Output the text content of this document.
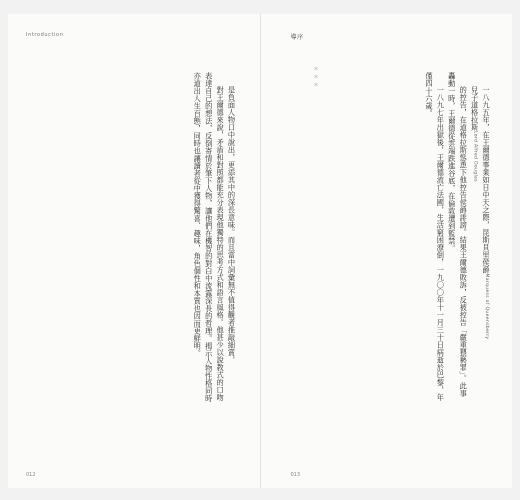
Introduction

是負面人物口中說出，更添其中的深長意味。而且當中詞彙無不值得觀者推敲細賞，

對王爾德來說，矛盾和對照都能充分表現他獨特的思考方式和語言風格。他甚少以說教式的口吻表達自己的想法，反倒寄情於筆下人物，讓他們在機智的對白中流露深長的哲理。揭示人物性格同時亦道出人生百態，同時也讓讀者從中獲得驚喜、趣味，角色個性和本質也因而更鮮明。

012
導序
＊＊＊

一八九五年，在王爾德事業如日中天之際，昆斯貝里侯爵Marquess of Queensberry

兒子道格拉斯Lord Alfred Douglas

的控告，在道格拉斯慫恿下他控告侯爵誹謗。結果王爾德敗訴，反被控告「嚴重猥褻罪」。此事轟動一時，王爾德從雲端跌進谷底，在倫敦遭到監禁。

一八九七年出獄後，王爾德流亡法國，生活窮困潦倒，一九〇〇年十一月三十日病逝於巴黎，年僅四十六歲。

013
